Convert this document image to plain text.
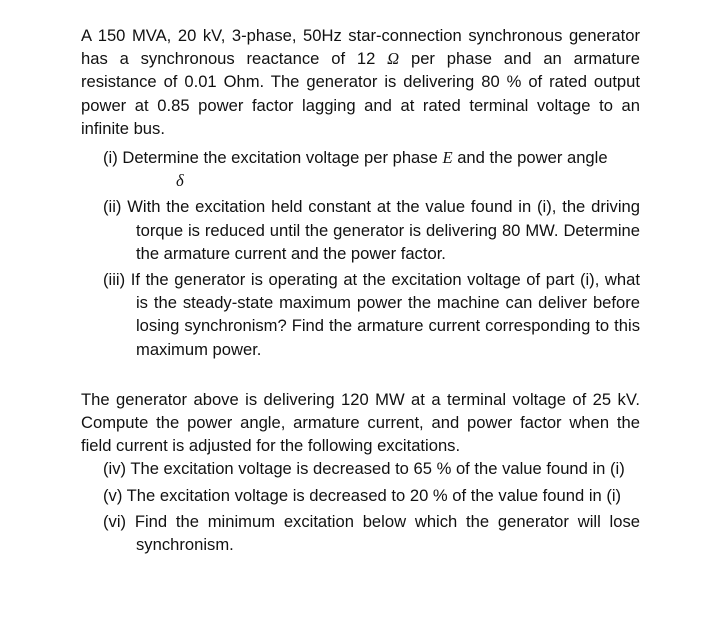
A 150 MVA, 20 kV, 3-phase, 50Hz star-connection synchronous generator has a synchronous reactance of 12 Ω per phase and an armature resistance of 0.01 Ohm. The generator is delivering 80 % of rated output power at 0.85 power factor lagging and at rated terminal voltage to an infinite bus.

(i) Determine the excitation voltage per phase E and the power angle
δ
(ii) With the excitation held constant at the value found in (i), the driving torque is reduced until the generator is delivering 80 MW. Determine the armature current and the power factor.
(iii) If the generator is operating at the excitation voltage of part (i), what is the steady-state maximum power the machine can deliver before losing synchronism? Find the armature current corresponding to this maximum power.

The generator above is delivering 120 MW at a terminal voltage of 25 kV. Compute the power angle, armature current, and power factor when the field current is adjusted for the following excitations.

(iv) The excitation voltage is decreased to 65 % of the value found in (i)
(v) The excitation voltage is decreased to 20 % of the value found in (i)
(vi) Find the minimum excitation below which the generator will lose synchronism.
